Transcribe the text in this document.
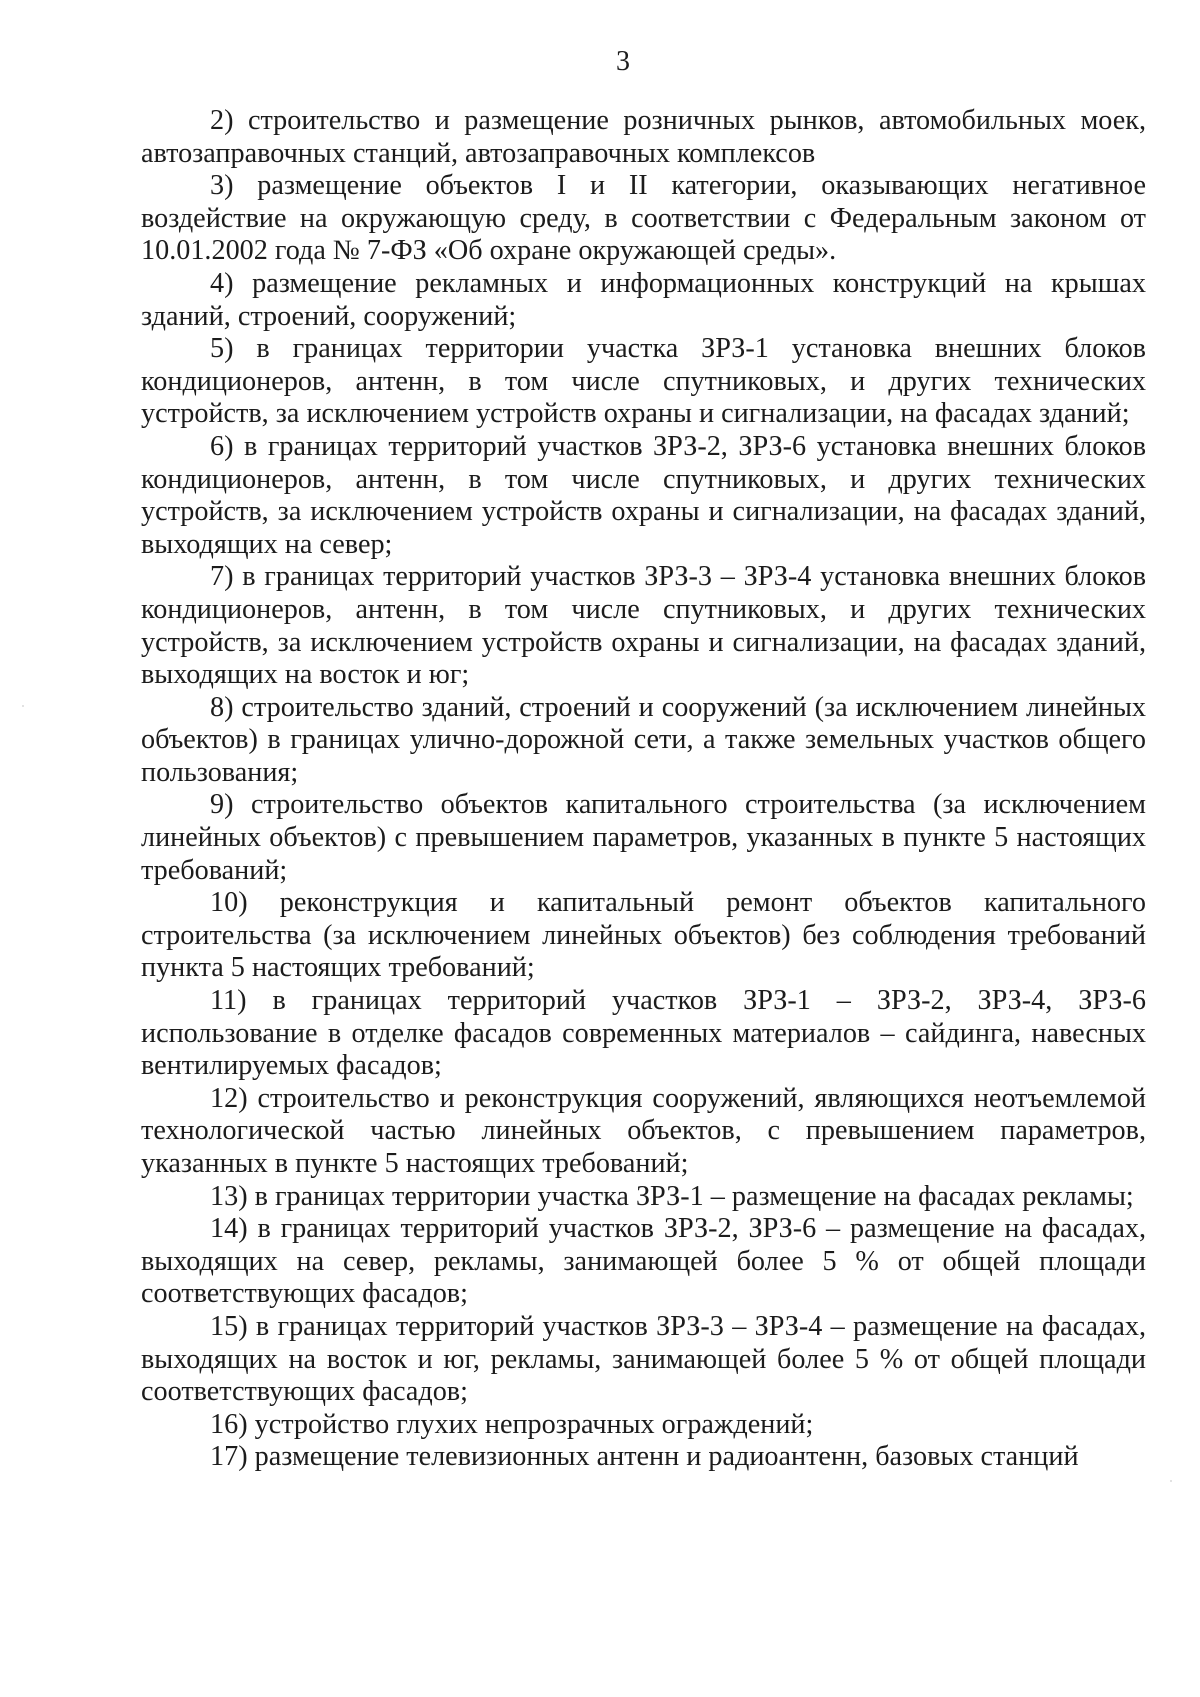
3

2) строительство и размещение розничных рынков, автомобильных моек, автозаправочных станций, автозаправочных комплексов

3) размещение объектов I и II категории, оказывающих негативное воздействие на окружающую среду, в соответствии с Федеральным законом от 10.01.2002 года № 7-ФЗ «Об охране окружающей среды».

4) размещение рекламных и информационных конструкций на крышах зданий, строений, сооружений;

5) в границах территории участка ЗРЗ-1 установка внешних блоков кондиционеров, антенн, в том числе спутниковых, и других технических устройств, за исключением устройств охраны и сигнализации, на фасадах зданий;

6) в границах территорий участков ЗРЗ-2, ЗРЗ-6 установка внешних блоков кондиционеров, антенн, в том числе спутниковых, и других технических устройств, за исключением устройств охраны и сигнализации, на фасадах зданий, выходящих на север;

7) в границах территорий участков ЗРЗ-3 – ЗРЗ-4 установка внешних блоков кондиционеров, антенн, в том числе спутниковых, и других технических устройств, за исключением устройств охраны и сигнализации, на фасадах зданий, выходящих на восток и юг;

8) строительство зданий, строений и сооружений (за исключением линейных объектов) в границах улично-дорожной сети, а также земельных участков общего пользования;

9) строительство объектов капитального строительства (за исключением линейных объектов) с превышением параметров, указанных в пункте 5 настоящих требований;

10) реконструкция и капитальный ремонт объектов капитального строительства (за исключением линейных объектов) без соблюдения требований пункта 5 настоящих требований;

11) в границах территорий участков ЗРЗ-1 – ЗРЗ-2, ЗРЗ-4, ЗРЗ-6 использование в отделке фасадов современных материалов – сайдинга, навесных вентилируемых фасадов;

12) строительство и реконструкция сооружений, являющихся неотъемлемой технологической частью линейных объектов, с превышением параметров, указанных в пункте 5 настоящих требований;

13) в границах территории участка ЗРЗ-1 – размещение на фасадах рекламы;

14) в границах территорий участков ЗРЗ-2, ЗРЗ-6 – размещение на фасадах, выходящих на север, рекламы, занимающей более 5 % от общей площади соответствующих фасадов;

15) в границах территорий участков ЗРЗ-3 – ЗРЗ-4 – размещение на фасадах, выходящих на восток и юг, рекламы, занимающей более 5 % от общей площади соответствующих фасадов;

16) устройство глухих непрозрачных ограждений;

17) размещение телевизионных антенн и радиоантенн, базовых станций
